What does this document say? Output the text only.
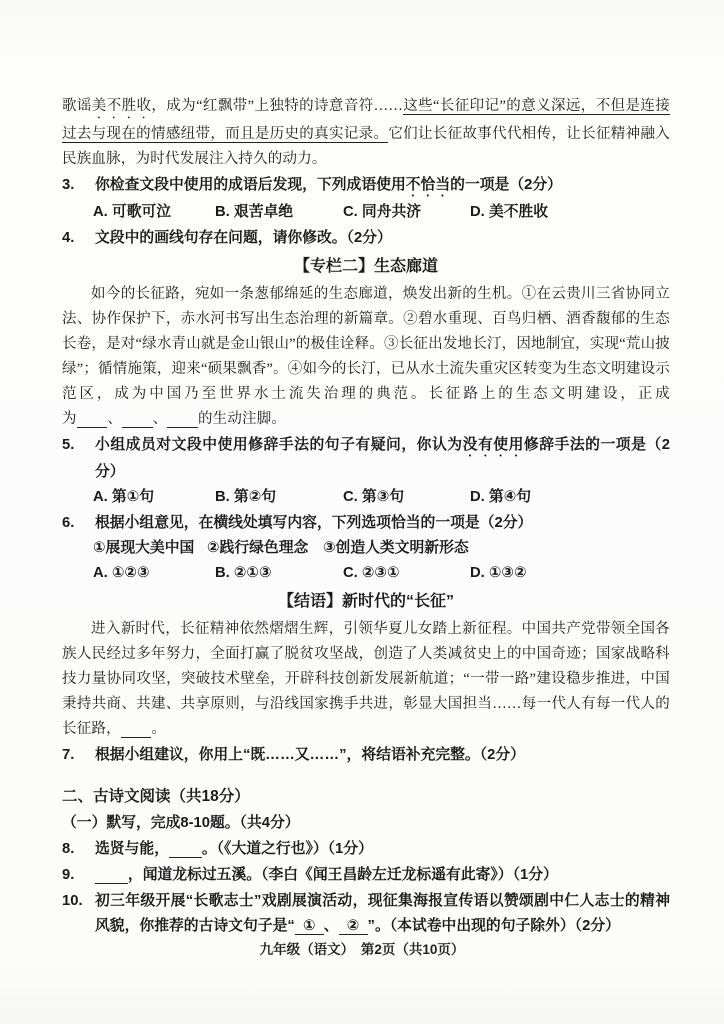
歌谣美不胜收，成为“红飘带”上独特的诗意音符……这些“长征印记”的意义深远，不但是连接过去与现在的情感纽带，而且是历史的真实记录。它们让长征故事代代相传，让长征精神融入民族血脉，为时代发展注入持久的动力。

3.	你检查文段中使用的成语后发现，下列成语使用不恰当的一项是（2分）
A. 可歌可泣	B. 艰苦卓绝	C. 同舟共济	D. 美不胜收
4.	文段中的画线句存在问题，请你修改。（2分）
【专栏二】生态廊道

如今的长征路，宛如一条葱郁绵延的生态廊道，焕发出新的生机。①在云贵川三省协同立法、协作保护下，赤水河书写出生态治理的新篇章。②碧水重现、百鸟归栖、酒香馥郁的生态长卷，是对“绿水青山就是金山银山”的极佳诠释。③长征出发地长汀，因地制宜，实现“荒山披绿”；循情施策，迎来“硕果飘香”。④如今的长汀，已从水土流失重灾区转变为生态文明建设示范区，成为中国乃至世界水土流失治理的典范。长征路上的生态文明建设，正成为 、 、 的生动注脚。

5.	小组成员对文段中使用修辞手法的句子有疑问，你认为没有使用修辞手法的一项是（2分）
A. 第①句	B. 第②句	C. 第③句	D. 第④句
6.	根据小组意见，在横线处填写内容，下列选项恰当的一项是（2分）
①展现大美中国 ②践行绿色理念 ③创造人类文明新形态
A. ①②③	B. ②①③	C. ②③①	D. ①③②
【结语】新时代的“长征”

进入新时代，长征精神依然熠熠生辉，引领华夏儿女踏上新征程。中国共产党带领全国各族人民经过多年努力，全面打赢了脱贫攻坚战，创造了人类减贫史上的中国奇迹；国家战略科技力量协同攻坚，突破技术壁垒，开辟科技创新发展新航道；“一带一路”建设稳步推进，中国秉持共商、共建、共享原则，与沿线国家携手共进，彰显大国担当……每一代人有每一代人的长征路， 。

7.	根据小组建议，你用上“既……又……”，将结语补充完整。（2分）
二、古诗文阅读（共18分）
（一）默写，完成8-10题。（共4分）
8.	选贤与能， 。（《大道之行也》）（1分）
9.	，闻道龙标过五溪。（李白《闻王昌龄左迁龙标遥有此寄》）（1分）
10. 初三年级开展“长歌志士”戏剧展演活动，现征集海报宣传语以赞颂剧中仁人志士的精神风貌，你推荐的古诗文句子是“  ①  、  ②  ”。（本试卷中出现的句子除外）（2分）
九年级（语文）　第2页（共10页）
